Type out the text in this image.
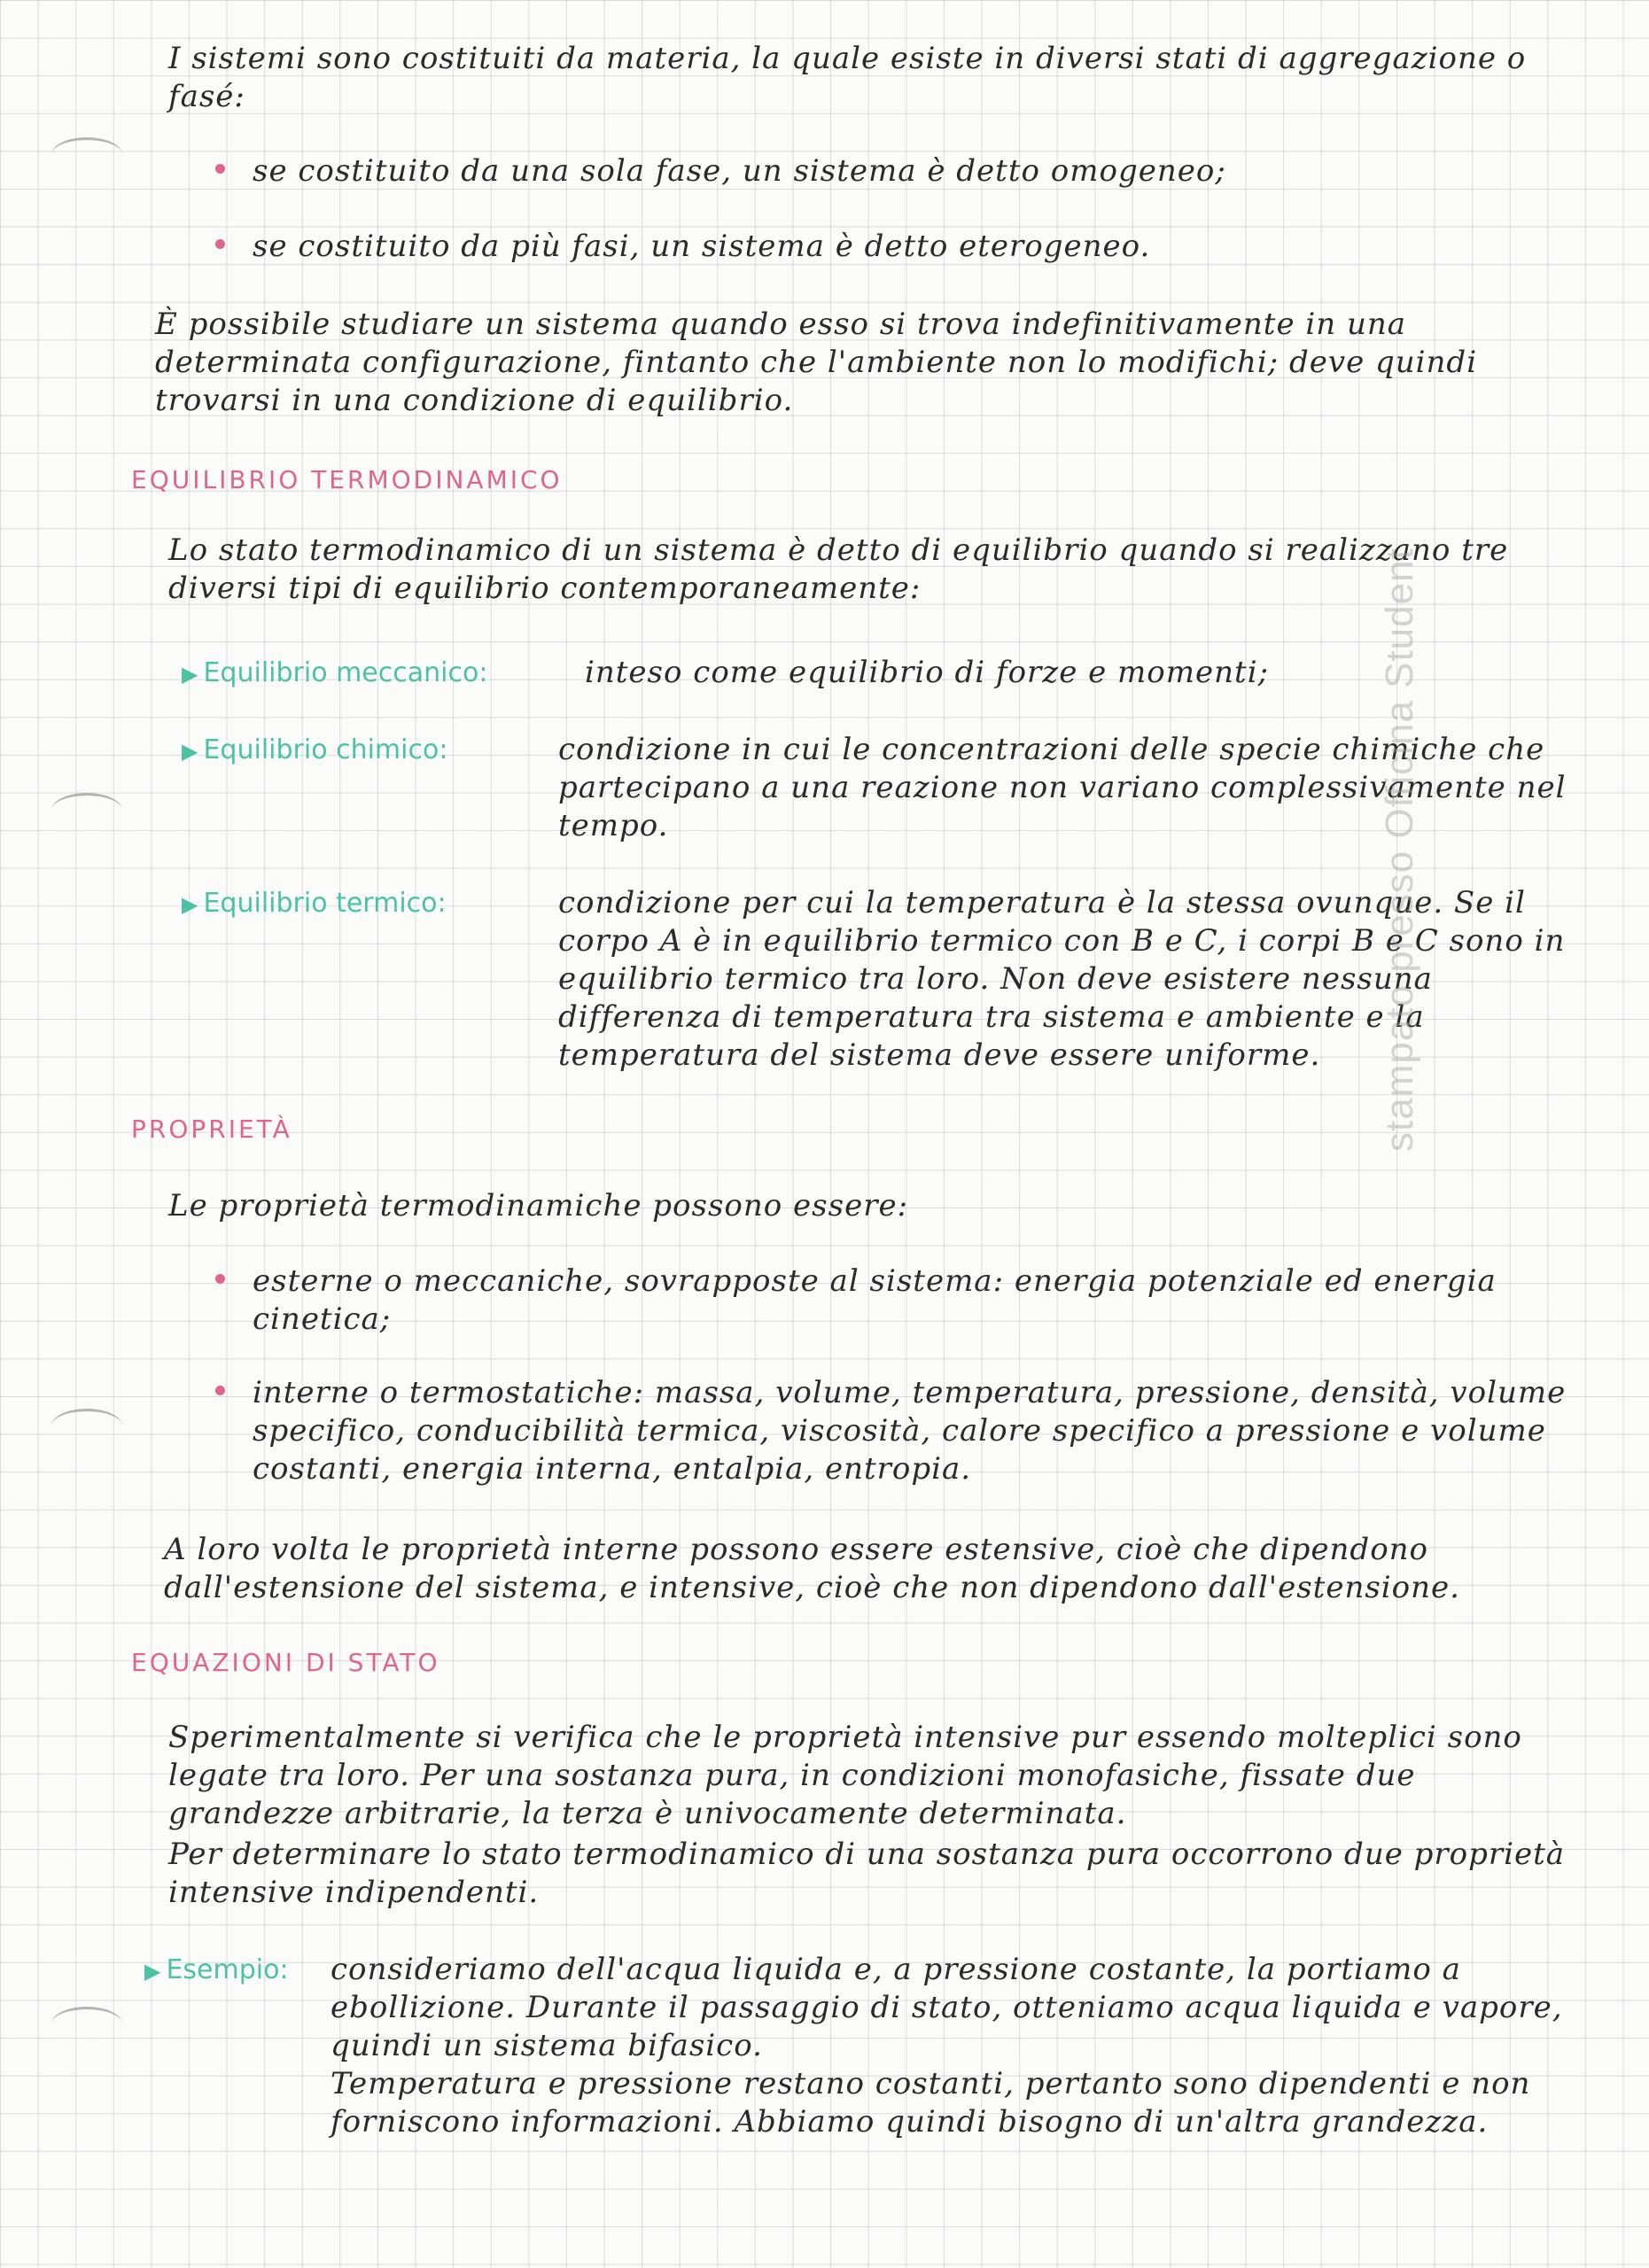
I sistemi sono costituiti da materia, la quale esiste in diversi stati di aggregazione o fasé:

se costituito da una sola fase, un sistema è detto omogeneo;
se costituito da più fasi, un sistema è detto eterogeneo.

È possibile studiare un sistema quando esso si trova indefinitivamente in una determinata configurazione, fintanto che l'ambiente non lo modifichi; deve quindi trovarsi in una condizione di equilibrio.

EQUILIBRIO TERMODINAMICO

Lo stato termodinamico di un sistema è detto di equilibrio quando si realizzano tre diversi tipi di equilibrio contemporaneamente:

▶ Equilibrio meccanico:	inteso come equilibrio di forze e momenti;

▶ Equilibrio chimico:	condizione in cui le concentrazioni delle specie chimiche che partecipano a una reazione non variano complessivamente nel tempo.

▶ Equilibrio termico:	condizione per cui la temperatura è la stessa ovunque. Se il corpo A è in equilibrio termico con B e C, i corpi B e C sono in equilibrio termico tra loro. Non deve esistere nessuna differenza di temperatura tra sistema e ambiente e la temperatura del sistema deve essere uniforme.

PROPRIETÀ

Le proprietà termodinamiche possono essere:

esterne o meccaniche, sovrapposte al sistema: energia potenziale ed energia cinetica;
interne o termostatiche: massa, volume, temperatura, pressione, densità, volume specifico, conducibilità termica, viscosità, calore specifico a pressione e volume costanti, energia interna, entalpia, entropia.

A loro volta le proprietà interne possono essere estensive, cioè che dipendono dall'estensione del sistema, e intensive, cioè che non dipendono dall'estensione.

EQUAZIONI DI STATO

Sperimentalmente si verifica che le proprietà intensive pur essendo molteplici sono legate tra loro. Per una sostanza pura, in condizioni monofasiche, fissate due grandezze arbitrarie, la terza è univocamente determinata.

Per determinare lo stato termodinamico di una sostanza pura occorrono due proprietà intensive indipendenti.

▶ Esempio: consideriamo dell'acqua liquida e, a pressione costante, la portiamo a ebollizione. Durante il passaggio di stato, otteniamo acqua liquida e vapore, quindi un sistema bifasico.

Temperatura e pressione restano costanti, pertanto sono dipendenti e non forniscono informazioni. Abbiamo quindi bisogno di un'altra grandezza.

stampato presso Officina Student
